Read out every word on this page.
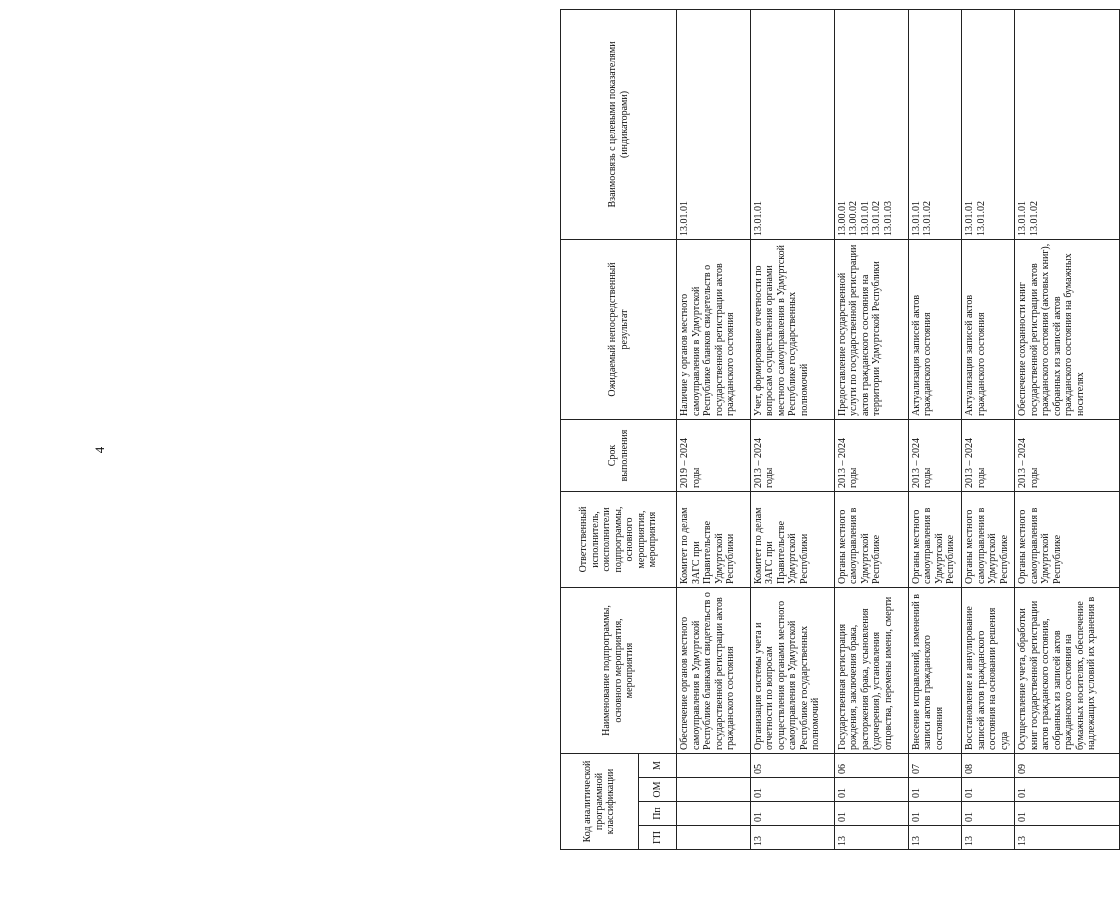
4
Код аналитической программной классификации				Наименование подпрограммы, основного мероприятия, мероприятия	Ответственный исполнитель, соисполнители подпрограммы, основного мероприятия, мероприятия	Срок выполнения	Ожидаемый непосредственный результат	Взаимосвязь с целевыми показателями (индикаторами)
ГП	Пп	ОМ	М					
				Обеспечение органов местного самоуправления в Удмуртской Республике бланками свидетельств о государственной регистрации актов гражданского состояния	Комитет по делам ЗАГС при Правительстве Удмуртской Республики	2019 – 2024 годы	Наличие у органов местного самоуправления в Удмуртской Республике бланков свидетельств о государственной регистрации актов гражданского состояния	13.01.01

13	01	01	05	Организация системы учета и отчетности по вопросам осуществления органами местного самоуправления в Удмуртской Республике государственных полномочий	Комитет по делам ЗАГС при Правительстве Удмуртской Республики	2013 – 2024 годы	Учет, формирование отчетности по вопросам осуществления органами местного самоуправления в Удмуртской Республике государственных полномочий	13.01.01

13	01	01	06	Государственная регистрация рождения, заключения брака, расторжения брака, усыновления (удочерения), установления отцовства, перемены имени, смерти	Органы местного самоуправления в Удмуртской Республике	2013 – 2024 годы	Предоставление государственной услуги по государственной регистрации актов гражданского состояния на территории Удмуртской Республики	13.00.01 13.00.02 13.01.01 13.01.02 13.01.03

13	01	01	07	Внесение исправлений, изменений в записи актов гражданского состояния	Органы местного самоуправления в Удмуртской Республике	2013 – 2024 годы	Актуализация записей актов гражданского состояния	13.01.01 13.01.02

13	01	01	08	Восстановление и аннулирование записей актов гражданского состояния на основании решения суда	Органы местного самоуправления в Удмуртской Республике	2013 – 2024 годы	Актуализация записей актов гражданского состояния	13.01.01 13.01.02

13	01	01	09	Осуществление учета, обработки книг государственной регистрации актов гражданского состояния, собранных из записей актов гражданского состояния на бумажных носителях, обеспечение надлежащих условий их хранения в	Органы местного самоуправления в Удмуртской Республике	2013 – 2024 годы	Обеспечение сохранности книг государственной регистрации актов гражданского состояния (актовых книг), собранных из записей актов гражданского состояния на бумажных носителях	13.01.01 13.01.02
